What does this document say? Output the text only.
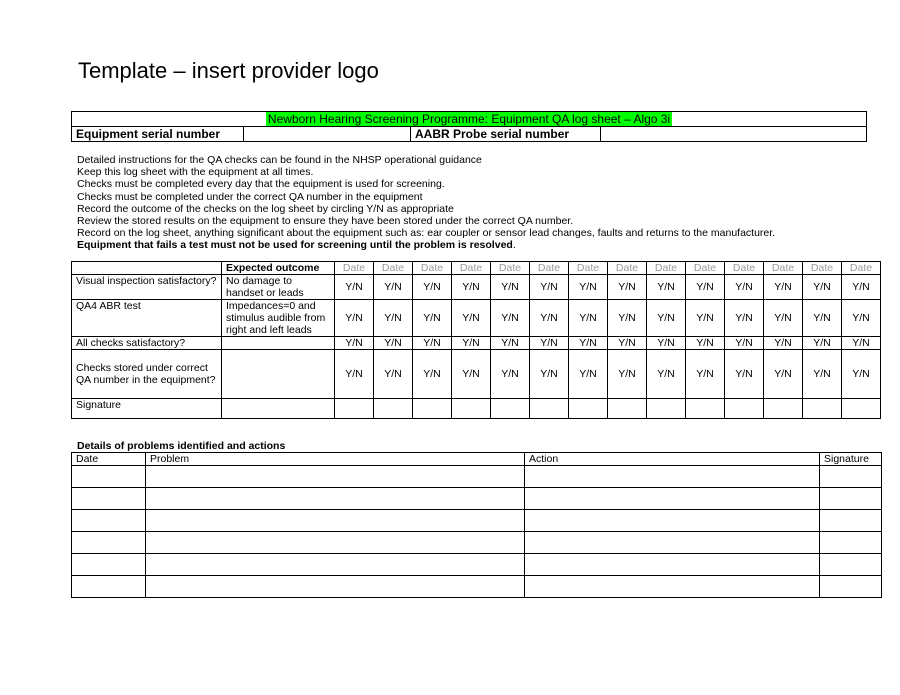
Template – insert provider logo
Newborn Hearing Screening Programme: Equipment QA log sheet – Algo 3i
Equipment serial number		AABR Probe serial number	
Detailed instructions for the QA checks can be found in the NHSP operational guidance
Keep this log sheet with the equipment at all times.
Checks must be completed every day that the equipment is used for screening.
Checks must be completed under the correct QA number in the equipment
Record the outcome of the checks on the log sheet by circling Y/N as appropriate
Review the stored results on the equipment to ensure they have been stored under the correct QA number.
Record on the log sheet, anything significant about the equipment such as: ear coupler or sensor lead changes, faults and returns to the manufacturer.
Equipment that fails a test must not be used for screening until the problem is resolved.
	Expected outcome	Date	Date	Date	Date	Date	Date	Date	Date	Date	Date	Date	Date	Date	Date
Visual inspection satisfactory?	No damage to handset or leads	Y/N	Y/N	Y/N	Y/N	Y/N	Y/N	Y/N	Y/N	Y/N	Y/N	Y/N	Y/N	Y/N	Y/N
QA4 ABR test	Impedances=0 and stimulus audible from right and left leads	Y/N	Y/N	Y/N	Y/N	Y/N	Y/N	Y/N	Y/N	Y/N	Y/N	Y/N	Y/N	Y/N	Y/N
All checks satisfactory?		Y/N	Y/N	Y/N	Y/N	Y/N	Y/N	Y/N	Y/N	Y/N	Y/N	Y/N	Y/N	Y/N	Y/N
Checks stored under correct QA number in the equipment?		Y/N	Y/N	Y/N	Y/N	Y/N	Y/N	Y/N	Y/N	Y/N	Y/N	Y/N	Y/N	Y/N	Y/N
Signature															
Details of problems identified and actions
Date	Problem	Action	Signature
